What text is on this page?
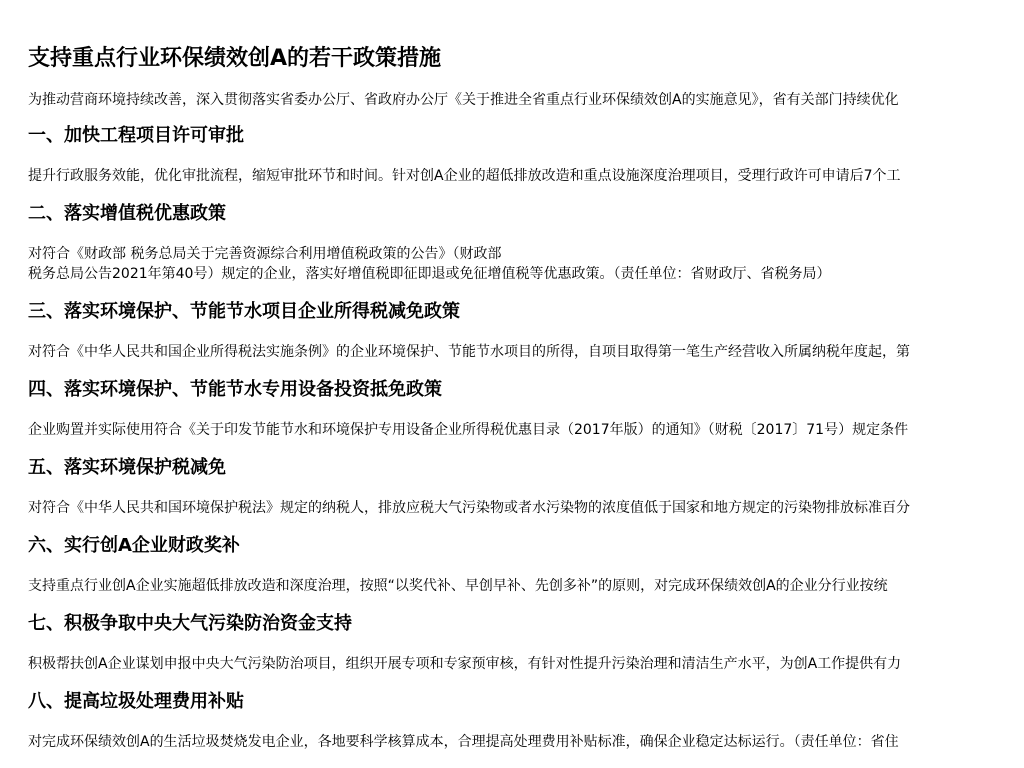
支持重点行业环保绩效创A的若干政策措施

为推动营商环境持续改善，深入贯彻落实省委办公厅、省政府办公厅《关于推进全省重点行业环保绩效创A的实施意见》，省有关部门持续优化

一、加快工程项目许可审批

提升行政服务效能，优化审批流程，缩短审批环节和时间。针对创A企业的超低排放改造和重点设施深度治理项目，受理行政许可申请后7个工

二、落实增值税优惠政策

对符合《财政部 税务总局关于完善资源综合利用增值税政策的公告》（财政部
税务总局公告2021年第40号）规定的企业，落实好增值税即征即退或免征增值税等优惠政策。（责任单位：省财政厅、省税务局）

三、落实环境保护、节能节水项目企业所得税减免政策

对符合《中华人民共和国企业所得税法实施条例》的企业环境保护、节能节水项目的所得，自项目取得第一笔生产经营收入所属纳税年度起，第

四、落实环境保护、节能节水专用设备投资抵免政策

企业购置并实际使用符合《关于印发节能节水和环境保护专用设备企业所得税优惠目录（2017年版）的通知》（财税〔2017〕71号）规定条件

五、落实环境保护税减免

对符合《中华人民共和国环境保护税法》规定的纳税人，排放应税大气污染物或者水污染物的浓度值低于国家和地方规定的污染物排放标准百分

六、实行创A企业财政奖补

支持重点行业创A企业实施超低排放改造和深度治理，按照“以奖代补、早创早补、先创多补”的原则，对完成环保绩效创A的企业分行业按统

七、积极争取中央大气污染防治资金支持

积极帮扶创A企业谋划申报中央大气污染防治项目，组织开展专项和专家预审核，有针对性提升污染治理和清洁生产水平，为创A工作提供有力

八、提高垃圾处理费用补贴

对完成环保绩效创A的生活垃圾焚烧发电企业，各地要科学核算成本，合理提高处理费用补贴标准，确保企业稳定达标运行。（责任单位：省住
